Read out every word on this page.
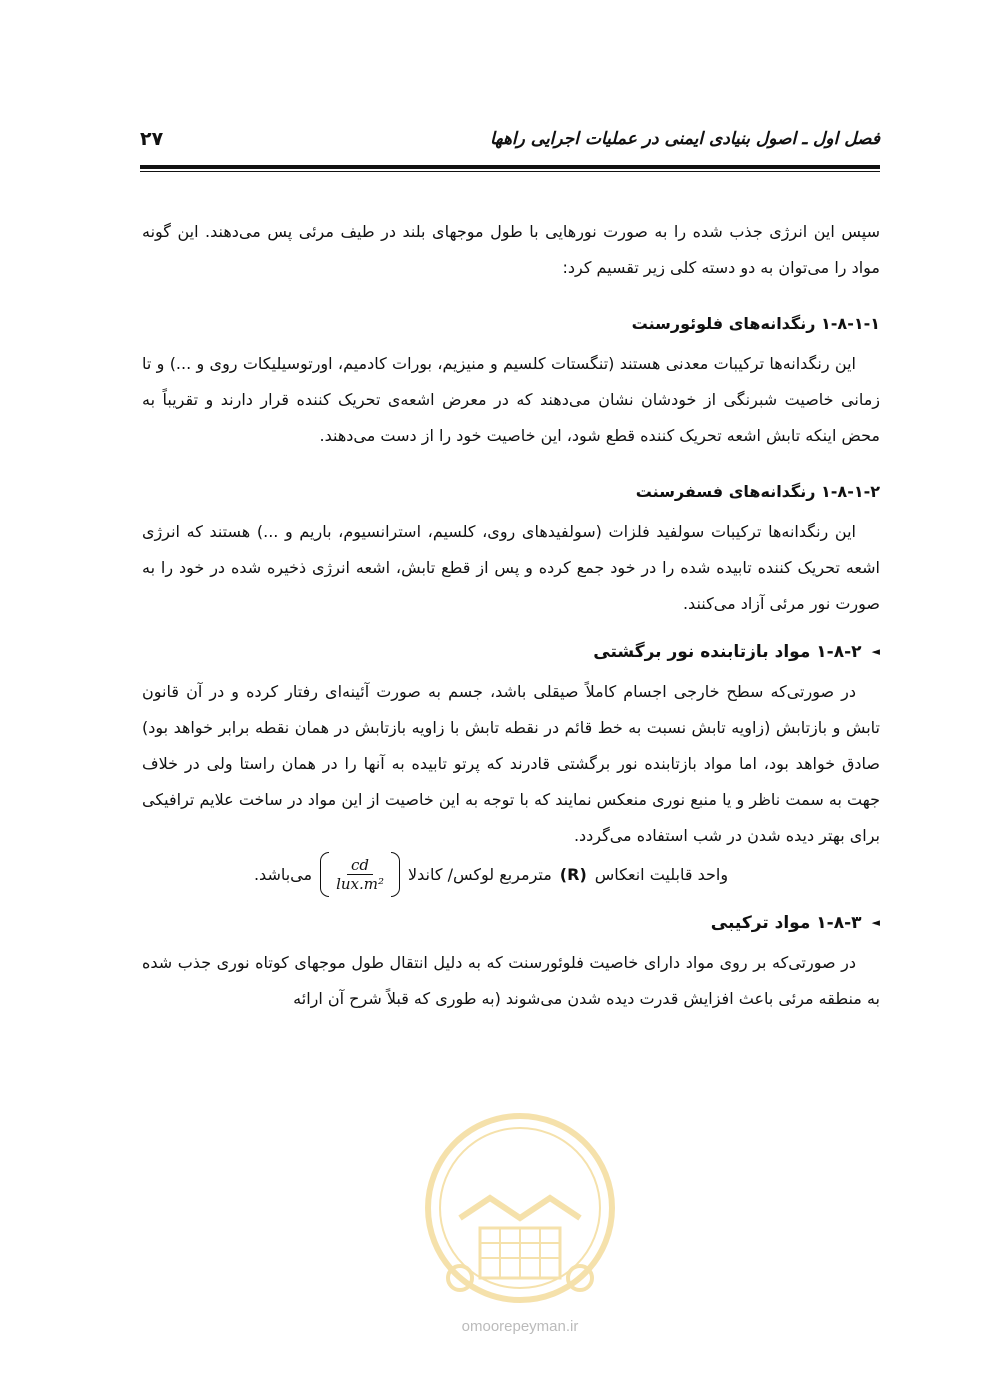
فصل اول ـ اصول بنیادی ایمنی در عملیات اجرایی راهها
۲۷

سپس این انرژی جذب شده را به صورت نورهایی با طول موجهای بلند در طیف مرئی پس می‌دهند. این گونه مواد را می‌توان به دو دسته کلی زیر تقسیم کرد:

۱-۸-۱-۱ رنگدانه‌های فلوئورسنت

این رنگدانه‌ها ترکیبات معدنی هستند (تنگستات کلسیم و منیزیم، بورات کادمیم، اورتوسیلیکات روی و ...) و تا زمانی خاصیت شبرنگی از خودشان نشان می‌دهند که در معرض اشعه‌ی تحریک کننده قرار دارند و تقریباً به محض اینکه تابش اشعه تحریک کننده قطع شود، این خاصیت خود را از دست می‌دهند.

۱-۸-۱-۲ رنگدانه‌های فسفرسنت

این رنگدانه‌ها ترکیبات سولفید فلزات (سولفیدهای روی، کلسیم، استرانسیوم، باریم و ...) هستند که انرژی اشعه تحریک کننده تابیده شده را در خود جمع کرده و پس از قطع تابش، اشعه انرژی ذخیره شده در خود را به صورت نور مرئی آزاد می‌کنند.

◄
۱-۸-۲ مواد بازتابنده نور برگشتی

در صورتی‌که سطح خارجی اجسام کاملاً صیقلی باشد، جسم به صورت آئینه‌ای رفتار کرده و در آن قانون تابش و بازتابش (زاویه تابش نسبت به خط قائم در نقطه تابش با زاویه بازتابش در همان نقطه برابر خواهد بود) صادق خواهد بود، اما مواد بازتابنده نور برگشتی قادرند که پرتو تابیده به آنها را در همان راستا ولی در خلاف جهت به سمت ناظر و یا منبع نوری منعکس نمایند که با توجه به این خاصیت از این مواد در ساخت علایم ترافیکی برای بهتر دیده شدن در شب استفاده می‌گردد.

واحد قابلیت انعکاس
(R)
مترمربع لوکس/ کاندلا
$\frac{cd}{\text{lux.m²}}$
می‌باشد.

◄
۱-۸-۳ مواد ترکیبی

در صورتی‌که بر روی مواد دارای خاصیت فلوئورسنت که به دلیل انتقال طول موجهای کوتاه نوری جذب شده به منطقه مرئی باعث افزایش قدرت دیده شدن می‌شوند (به طوری که قبلاً شرح آن ارائه

omoorepeyman.ir
